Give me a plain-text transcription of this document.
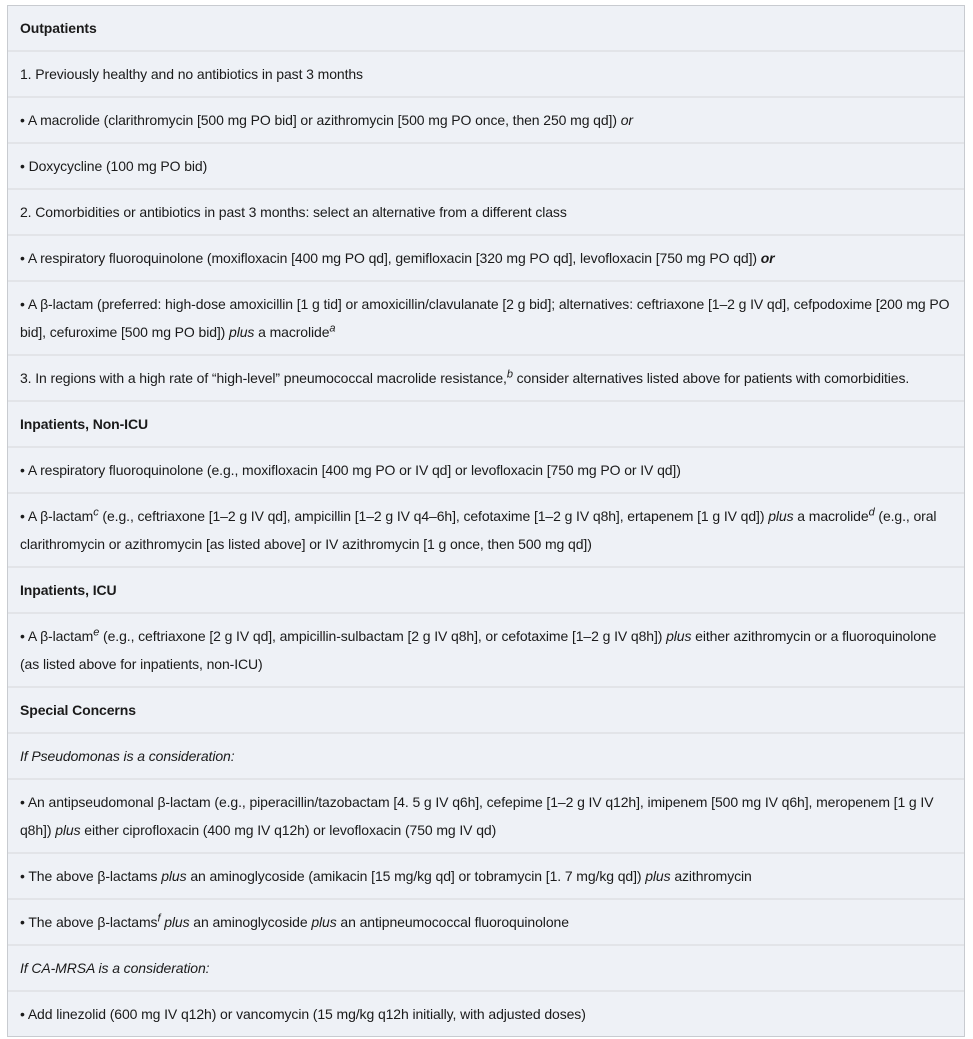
Outpatients
1. Previously healthy and no antibiotics in past 3 months
• A macrolide (clarithromycin [500 mg PO bid] or azithromycin [500 mg PO once, then 250 mg qd]) or
• Doxycycline (100 mg PO bid)
2. Comorbidities or antibiotics in past 3 months: select an alternative from a different class
• A respiratory fluoroquinolone (moxifloxacin [400 mg PO qd], gemifloxacin [320 mg PO qd], levofloxacin [750 mg PO qd]) or
• A β-lactam (preferred: high-dose amoxicillin [1 g tid] or amoxicillin/clavulanate [2 g bid]; alternatives: ceftriaxone [1–2 g IV qd], cefpodoxime [200 mg PO bid], cefuroxime [500 mg PO bid]) plus a macrolide$^a$
3. In regions with a high rate of “high-level” pneumococcal macrolide resistance,$^b$ consider alternatives listed above for patients with comorbidities.
Inpatients, Non-ICU
• A respiratory fluoroquinolone (e.g., moxifloxacin [400 mg PO or IV qd] or levofloxacin [750 mg PO or IV qd])
• A β-lactam$^c$ (e.g., ceftriaxone [1–2 g IV qd], ampicillin [1–2 g IV q4–6h], cefotaxime [1–2 g IV q8h], ertapenem [1 g IV qd]) plus a macrolide$^d$ (e.g., oral clarithromycin or azithromycin [as listed above] or IV azithromycin [1 g once, then 500 mg qd])
Inpatients, ICU
• A β-lactam$^e$ (e.g., ceftriaxone [2 g IV qd], ampicillin-sulbactam [2 g IV q8h], or cefotaxime [1–2 g IV q8h]) plus either azithromycin or a fluoroquinolone (as listed above for inpatients, non-ICU)
Special Concerns
If Pseudomonas is a consideration:
• An antipseudomonal β-lactam (e.g., piperacillin/tazobactam [4. 5 g IV q6h], cefepime [1–2 g IV q12h], imipenem [500 mg IV q6h], meropenem [1 g IV q8h]) plus either ciprofloxacin (400 mg IV q12h) or levofloxacin (750 mg IV qd)
• The above β-lactams plus an aminoglycoside (amikacin [15 mg/kg qd] or tobramycin [1. 7 mg/kg qd]) plus azithromycin
• The above β-lactams$^f$ plus an aminoglycoside plus an antipneumococcal fluoroquinolone
If CA-MRSA is a consideration:
• Add linezolid (600 mg IV q12h) or vancomycin (15 mg/kg q12h initially, with adjusted doses)
